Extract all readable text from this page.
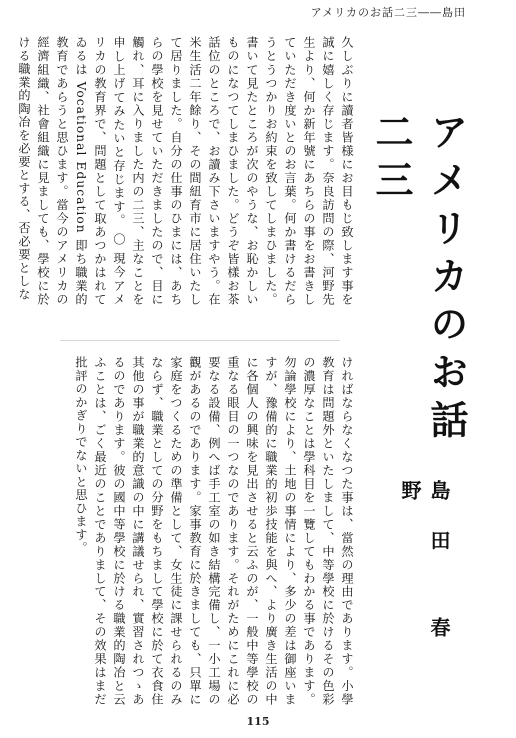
アメリカのお話二三――島田
久しぶりに讀者皆様にお目もじ致します事を誠に嬉しく存じます。奈良訪問の際、河野先生より、何か新年號にあちらの事をお書きしていただき度いとのお言葉。何か書けるだらうとうつかりお約束を致してしまひました。書いて見たところが次のやうな、お恥かしいものになつてしまひました。どうぞ皆樣お茶話位のところで、お讀み下さいますやう。在米生活二年餘り、その間紐育市に居住いたして居りました。自分の仕事のひまには、あちらの學校を見せていただきましたので、目に觸れ、耳に入りました内の二三、主なことを申し上げてみたいと存じます。 〇 現今アメリカの教育界で、問題として取あつかはれてゐるは Vocational Education 即ち職業的教育であらうと思ひます。當今のアメリカの經濟組織、社會組織に見ましても、學校に於ける職業的陶冶を必要とする、否必要としな
ければならなくなつた事は、當然の理由であります。小學教育は問題外といたしまして、中等學校に於けるその色彩の濃厚なことは學科目を一覽してもわかる事であります。勿論學校により、土地の事情により、多少の差は御座いますが、豫備的に職業的初歩技能を與へ、より廣き生活の中に各個人の興味を見出させると云ふのが、一般中等學校の重なる眼目の一つなのであります。それがためにこれに必要なる設備、例へば手工室の如き結構完備し、一小工場の觀があるのであります。家事教育に於きましても、只單に家庭をつくるための準備として、女生徒に課せられるのみならず、職業としての分野をもちまして學校に於て衣食住其他の事が職業的意識の中に講議せられ、實習されつゝあるのであります。彼の國中等學校に於ける職業的陶冶と云ふことは、ごく最近のことでありまして、その效果はまだ批評のかぎりでないと思ひます。
アメリカのお話二三
島田 春野
115
